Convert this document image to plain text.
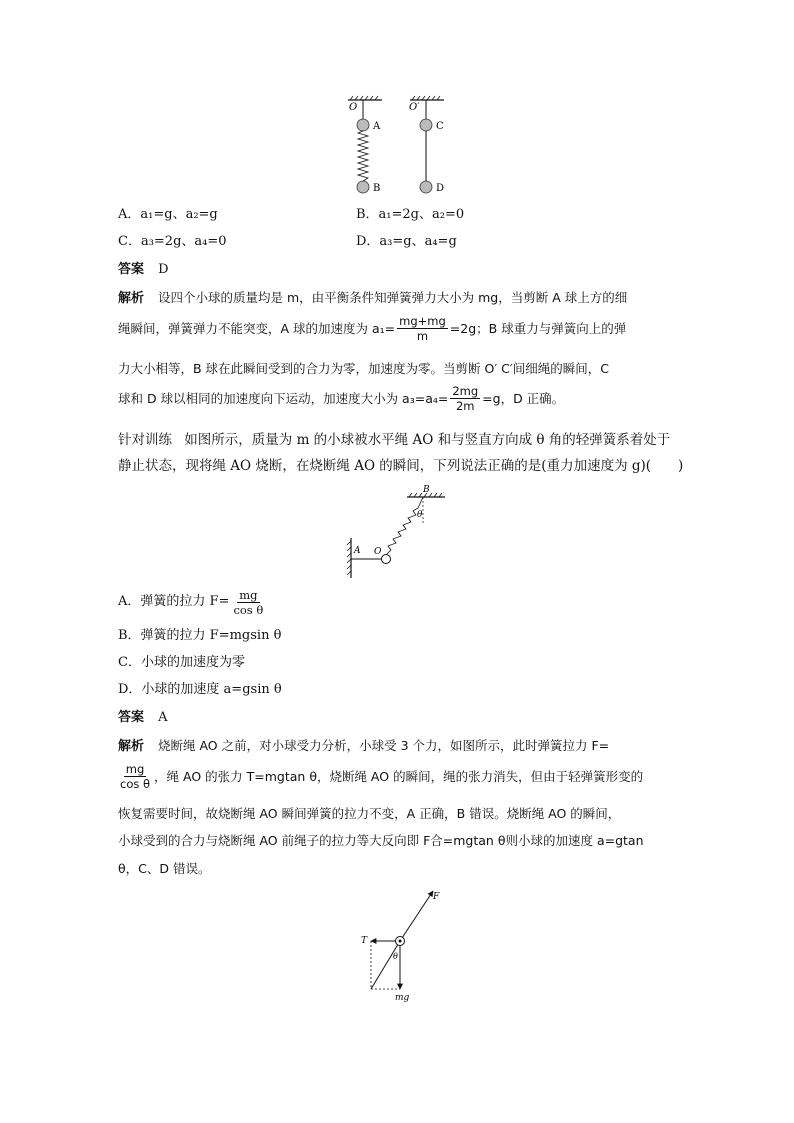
O
A
B
O′
C
D
A．a₁=g、a₂=g	B．a₁=2g、a₂=0
C．a₃=2g、a₄=0	D．a₃=g、a₄=g
答案 D
解析 设四个小球的质量均是 m，由平衡条件知弹簧弹力大小为 mg，当剪断 A 球上方的细
绳瞬间，弹簧弹力不能突变，A 球的加速度为 $a_1= \frac{mg+mg}{m} =2g$；B 球重力与弹簧向上的弹
力大小相等，B 球在此瞬间受到的合力为零，加速度为零。当剪断 O′ C′间细绳的瞬间，C
球和 D 球以相同的加速度向下运动，加速度大小为 $a_3=a_4= \frac{2mg}{2m} =g$，D 正确。
针对训练 如图所示，质量为 m 的小球被水平绳 AO 和与竖直方向成 θ 角的轻弹簧系着处于
静止状态，现将绳 AO 烧断，在烧断绳 AO 的瞬间，下列说法正确的是(重力加速度为 g)(　　)
B
θ
A O
A．弹簧的拉力 $F= \frac{mg}{\text{cos θ}}$
B．弹簧的拉力 F=mgsin θ
C．小球的加速度为零
D．小球的加速度 a=gsin θ
答案 A
解析 烧断绳 AO 之前，对小球受力分析，小球受 3 个力，如图所示，此时弹簧拉力 F=
$\frac{mg}{\text{cos θ}}$ ，绳 AO 的张力 T=mgtan θ，烧断绳 AO 的瞬间，绳的张力消失，但由于轻弹簧形变的
恢复需要时间，故烧断绳 AO 瞬间弹簧的拉力不变，A 正确，B 错误。烧断绳 AO 的瞬间，
小球受到的合力与烧断绳 AO 前绳子的拉力等大反向即 F合=mgtan θ则小球的加速度 a=gtan
θ，C、D 错误。
F
T
mg
θ
